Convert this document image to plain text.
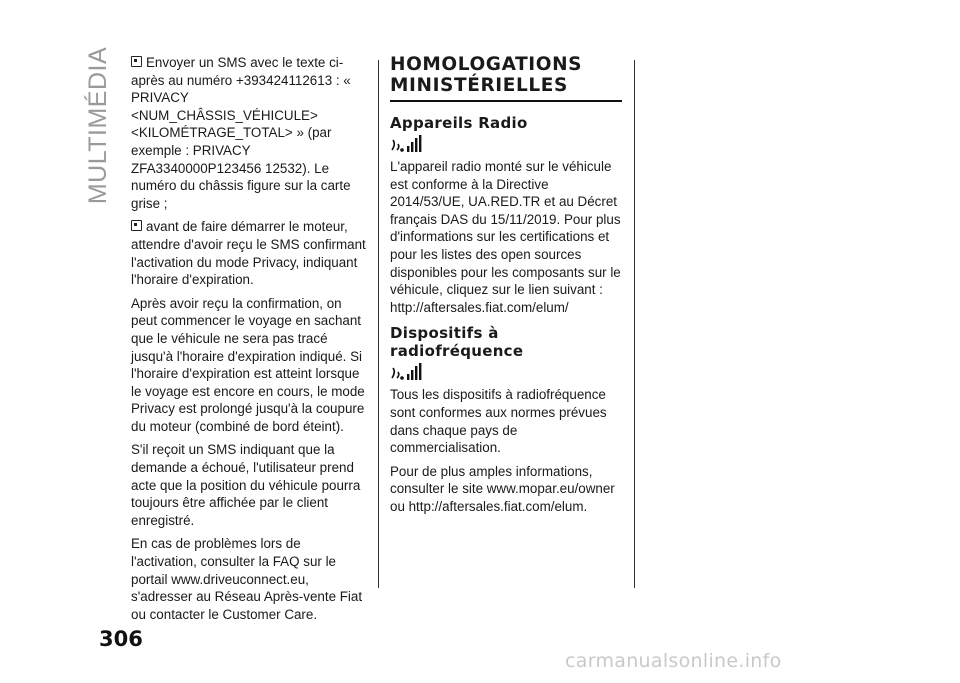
MULTIMÉDIA	Envoyer un SMS avec le texte ci-après au numéro +393424112613 : « PRIVACY <NUM_CHÂSSIS_VÉHICULE> <KILOMÉTRAGE_TOTAL> » (par exemple : PRIVACY ZFA3340000P123456 12532). Le numéro du châssis figure sur la carte grise ;

avant de faire démarrer le moteur, attendre d'avoir reçu le SMS confirmant l'activation du mode Privacy, indiquant l'horaire d'expiration.

Après avoir reçu la confirmation, on peut commencer le voyage en sachant que le véhicule ne sera pas tracé jusqu'à l'horaire d'expiration indiqué. Si l'horaire d'expiration est atteint lorsque le voyage est encore en cours, le mode Privacy est prolongé jusqu'à la coupure du moteur (combiné de bord éteint).

S'il reçoit un SMS indiquant que la demande a échoué, l'utilisateur prend acte que la position du véhicule pourra toujours être affichée par le client enregistré.

En cas de problèmes lors de l'activation, consulter la FAQ sur le portail www.driveuconnect.eu, s'adresser au Réseau Après-vente Fiat ou contacter le Customer Care.

HOMOLOGATIONS MINISTÉRIELLES
Appareils Radio

L'appareil radio monté sur le véhicule est conforme à la Directive 2014/53/UE, UA.RED.TR et au Décret français DAS du 15/11/2019. Pour plus d'informations sur les certifications et pour les listes des open sources disponibles pour les composants sur le véhicule, cliquez sur le lien suivant : http://aftersales.fiat.com/elum/

Dispositifs à radiofréquence

Tous les dispositifs à radiofréquence sont conformes aux normes prévues dans chaque pays de commercialisation.

Pour de plus amples informations, consulter le site www.mopar.eu/owner ou http://aftersales.fiat.com/elum.

306
carmanualsonline.info
